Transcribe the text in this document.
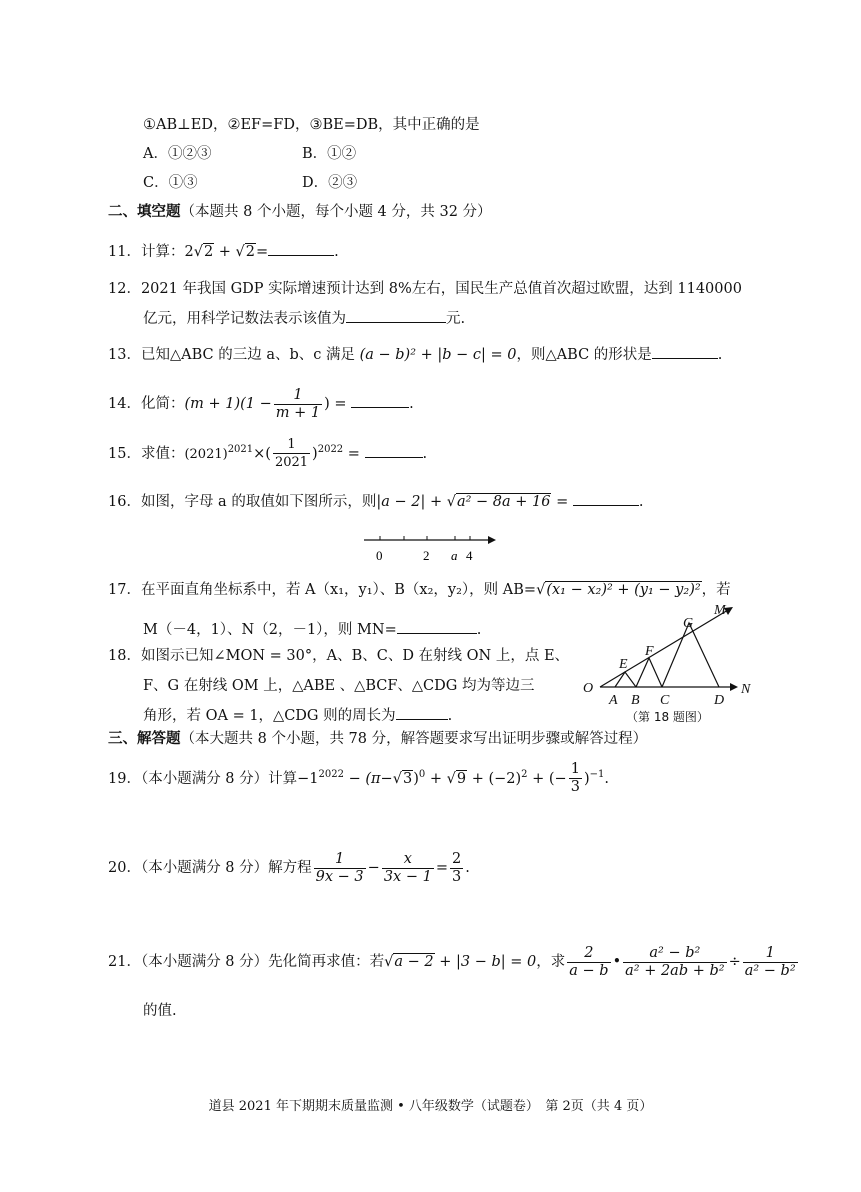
①AB⊥ED，②EF=FD，③BE=DB，其中正确的是
A．①②③	B．①②
C．①③	D．②③
二、填空题（本题共 8 个小题，每个小题 4 分，共 32 分）
11．计算：2√2 + √2=	.
12．2021 年我国 GDP 实际增速预计达到 8%左右，国民生产总值首次超过欧盟，达到 1140000
亿元，用科学记数法表示该值为	元.
13．已知△ABC 的三边 a、b、c 满足 (a − b)² + |b − c| = 0，则△ABC 的形状是	.
14．化简：$(m + 1)(1 - \frac{1}{m + 1}$ ) =	.
15．求值：$(2021)^{2021}\times( \frac{1}{2021} )^{2022}$ =	.
16．如图，字母 a 的取值如下图所示，则|a − 2| + √a² − 8a + 16 =	.
0	2 a 4
17．在平面直角坐标系中，若 A（x₁，y₁）、B（x₂，y₂），则 AB=√(x₁ − x₂)² + (y₁ − y₂)²，若
M（－4，1）、N（2，－1），则 MN=	.
18．如图示已知∠MON = 30°，A、B、C、D 在射线 ON 上，点 E、
F、G 在射线 OM 上，△ABE 、△BCF、△CDG 均为等边三
角形，若 OA = 1，△CDG 则的周长为	.
M
G
F
E
O
A B C	D
N
（第 18 题图）
三、解答题（本大题共 8 个小题，共 78 分，解答题要求写出证明步骤或解答过程）
19．（本小题满分 8 分）计算$-1^{2022} - (\pi-√3)^0 + √9 + (-2)^2$ + (− $\frac{1}{3} )^{-1}$.
20．（本小题满分 8 分）解方程 $\frac{1}{9x - 3} - \frac{x}{3x - 1} = \frac{2}{3}$ .
21．（本小题满分 8 分）先化简再求值：若√a − 2 + |3 − b| = 0，求 $\frac{2}{a - b}$ • $\frac{\text{a² − b²}}{\text{a² + 2ab + b²}} \div \frac{1}{\text{a² − b²}}$
的值.
道县 2021 年下期期末质量监测 • 八年级数学（试题卷）　第 2页（共 4 页）
